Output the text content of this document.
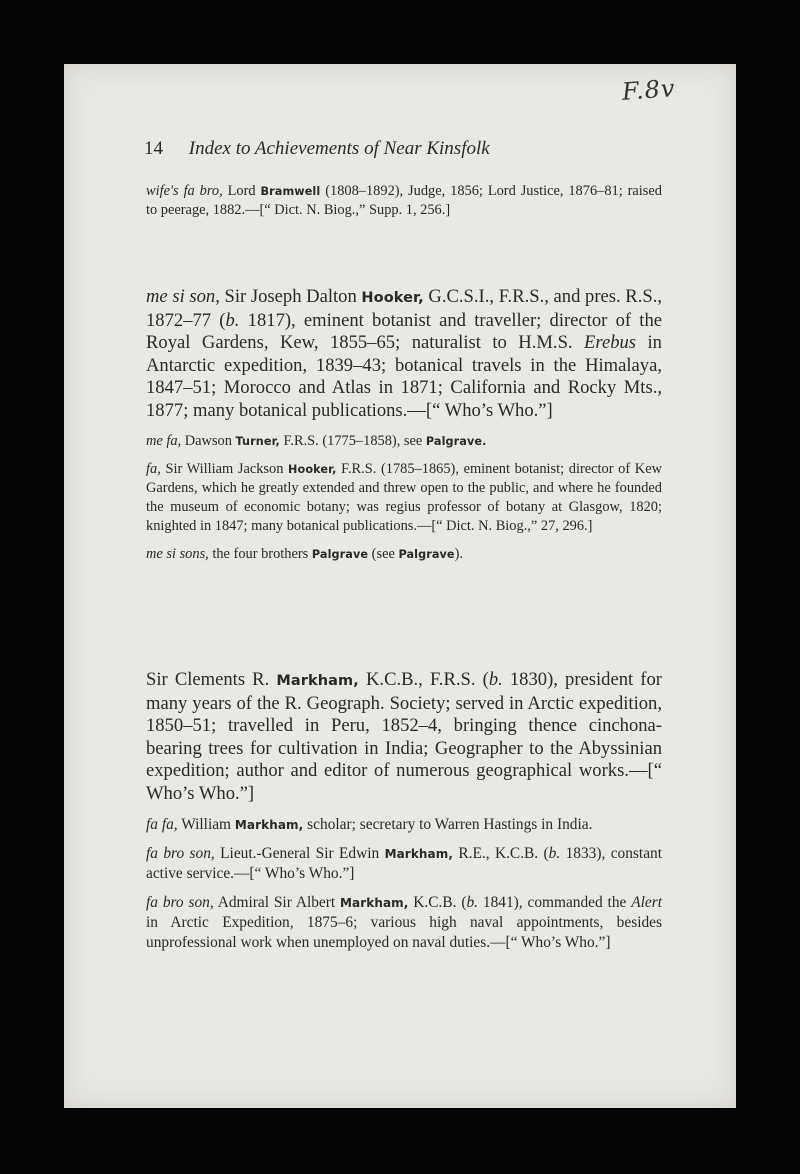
F.8v
14 Index to Achievements of Near Kinsfolk

wife's fa bro, Lord Bramwell (1808–1892), Judge, 1856; Lord Justice, 1876–81; raised to peerage, 1882.—[“ Dict. N. Biog.,” Supp. 1, 256.]

me si son, Sir Joseph Dalton Hooker, G.C.S.I., F.R.S., and pres. R.S., 1872–77 (b. 1817), eminent botanist and traveller; director of the Royal Gardens, Kew, 1855–65; naturalist to H.M.S. Erebus in Antarctic expedition, 1839–43; botanical travels in the Himalaya, 1847–51; Morocco and Atlas in 1871; California and Rocky Mts., 1877; many botanical publications.—[“ Who’s Who.”]

me fa, Dawson Turner, F.R.S. (1775–1858), see Palgrave.

fa, Sir William Jackson Hooker, F.R.S. (1785–1865), eminent botanist; director of Kew Gardens, which he greatly extended and threw open to the public, and where he founded the museum of economic botany; was regius professor of botany at Glasgow, 1820; knighted in 1847; many botanical publications.—[“ Dict. N. Biog.,” 27, 296.]

me si sons, the four brothers Palgrave (see Palgrave).

Sir Clements R. Markham, K.C.B., F.R.S. (b. 1830), president for many years of the R. Geograph. Society; served in Arctic expedition, 1850–51; travelled in Peru, 1852–4, bringing thence cinchona-bearing trees for cultivation in India; Geographer to the Abyssinian expedition; author and editor of numerous geographical works.—[“ Who’s Who.”]

fa fa, William Markham, scholar; secretary to Warren Hastings in India.

fa bro son, Lieut.-General Sir Edwin Markham, R.E., K.C.B. (b. 1833), constant active service.—[“ Who’s Who.”]

fa bro son, Admiral Sir Albert Markham, K.C.B. (b. 1841), commanded the Alert in Arctic Expedition, 1875–6; various high naval appointments, besides unprofessional work when unemployed on naval duties.—[“ Who’s Who.”]
